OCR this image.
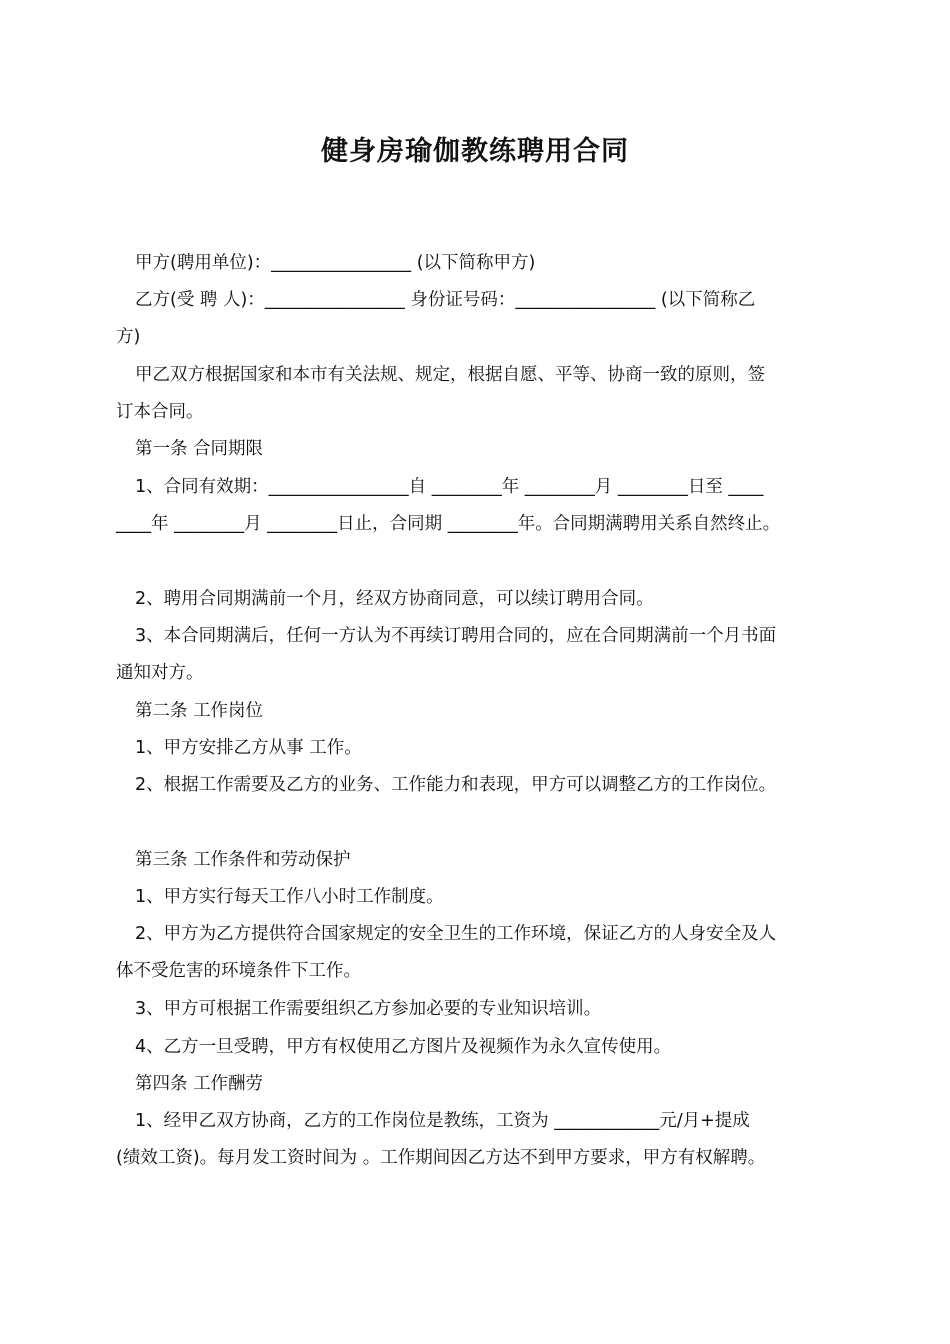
健身房瑜伽教练聘用合同
甲方(聘用单位)：________________ (以下简称甲方)
乙方(受 聘 人)：________________ 身份证号码：________________ (以下简称乙
方)
甲乙双方根据国家和本市有关法规、规定，根据自愿、平等、协商一致的原则，签
订本合同。
第一条 合同期限
1、合同有效期：________________自 ________年 ________月 ________日至 ____
____年 ________月 ________日止，合同期 ________年。合同期满聘用关系自然终止。
2、聘用合同期满前一个月，经双方协商同意，可以续订聘用合同。
3、本合同期满后，任何一方认为不再续订聘用合同的，应在合同期满前一个月书面
通知对方。
第二条 工作岗位
1、甲方安排乙方从事 工作。
2、根据工作需要及乙方的业务、工作能力和表现，甲方可以调整乙方的工作岗位。
第三条 工作条件和劳动保护
1、甲方实行每天工作八小时工作制度。
2、甲方为乙方提供符合国家规定的安全卫生的工作环境，保证乙方的人身安全及人
体不受危害的环境条件下工作。
3、甲方可根据工作需要组织乙方参加必要的专业知识培训。
4、乙方一旦受聘，甲方有权使用乙方图片及视频作为永久宣传使用。
第四条 工作酬劳
1、经甲乙双方协商，乙方的工作岗位是教练，工资为 ____________元/月+提成
(绩效工资)。每月发工资时间为 。工作期间因乙方达不到甲方要求，甲方有权解聘。
